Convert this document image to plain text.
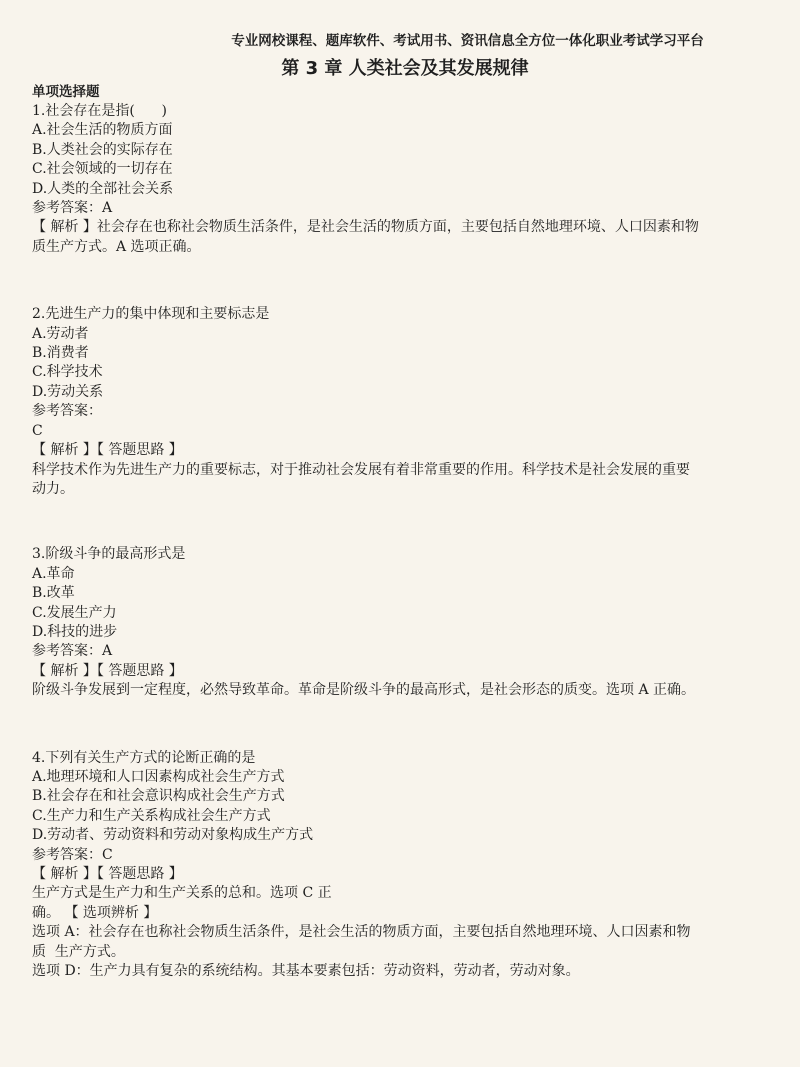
专业网校课程、题库软件、考试用书、资讯信息全方位一体化职业考试学习平台
第 3 章 人类社会及其发展规律
单项选择题
1.社会存在是指(      )
A.社会生活的物质方面
B.人类社会的实际存在
C.社会领域的一切存在
D.人类的全部社会关系
参考答案：A
【 解析 】社会存在也称社会物质生活条件，是社会生活的物质方面，主要包括自然地理环境、人口因素和物
质生产方式。A 选项正确。
2.先进生产力的集中体现和主要标志是
A.劳动者
B.消费者
C.科学技术
D.劳动关系
参考答案：
C
【 解析 】【 答题思路 】
科学技术作为先进生产力的重要标志，对于推动社会发展有着非常重要的作用。科学技术是社会发展的重要
动力。
3.阶级斗争的最高形式是
A.革命
B.改革
C.发展生产力
D.科技的进步
参考答案：A
【 解析 】【 答题思路 】
阶级斗争发展到一定程度，必然导致革命。革命是阶级斗争的最高形式，是社会形态的质变。选项 A 正确。
4.下列有关生产方式的论断正确的是
A.地理环境和人口因素构成社会生产方式
B.社会存在和社会意识构成社会生产方式
C.生产力和生产关系构成社会生产方式
D.劳动者、劳动资料和劳动对象构成生产方式
参考答案：C
【 解析 】【 答题思路 】
生产方式是生产力和生产关系的总和。选项 C 正
确。 【 选项辨析 】
选项 A：社会存在也称社会物质生活条件，是社会生活的物质方面，主要包括自然地理环境、人口因素和物
质  生产方式。
选项 D：生产力具有复杂的系统结构。其基本要素包括：劳动资料，劳动者，劳动对象。
